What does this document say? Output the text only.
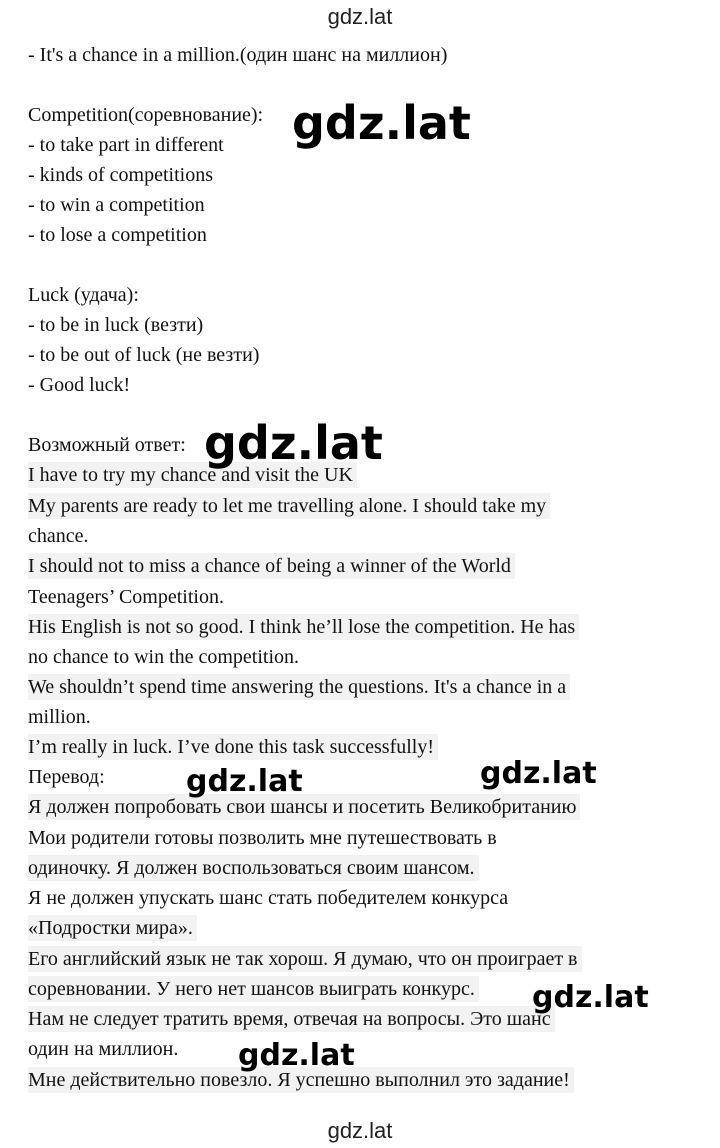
gdz.lat
- It's a chance in a million.(один шанс на миллион)
Competition(соревнование):
- to take part in different
- kinds of competitions
- to win a competition
- to lose a competition
Luck (удача):
- to be in luck (везти)
- to be out of luck (не везти)
- Good luck!
Возможный ответ:
I have to try my chance and visit the UK
My parents are ready to let me travelling alone. I should take my
chance.
I should not to miss a chance of being a winner of the World
Teenagers’ Competition.
His English is not so good. I think he’ll lose the competition. He has
no chance to win the competition.
We shouldn’t spend time answering the questions. It's a chance in a
million.
I’m really in luck. I’ve done this task successfully!
Перевод:
Я должен попробовать свои шансы и посетить Великобританию
Мои родители готовы позволить мне путешествовать в
одиночку. Я должен воспользоваться своим шансом.
Я не должен упускать шанс стать победителем конкурса
«Подростки мира».
Его английский язык не так хорош. Я думаю, что он проиграет в
соревновании. У него нет шансов выиграть конкурс.
Нам не следует тратить время, отвечая на вопросы. Это шанс
один на миллион.
Мне действительно повезло. Я успешно выполнил это задание!
gdz.lat
gdz.lat
gdz.lat	gdz.lat
gdz.lat
gdz.lat
gdz.lat
